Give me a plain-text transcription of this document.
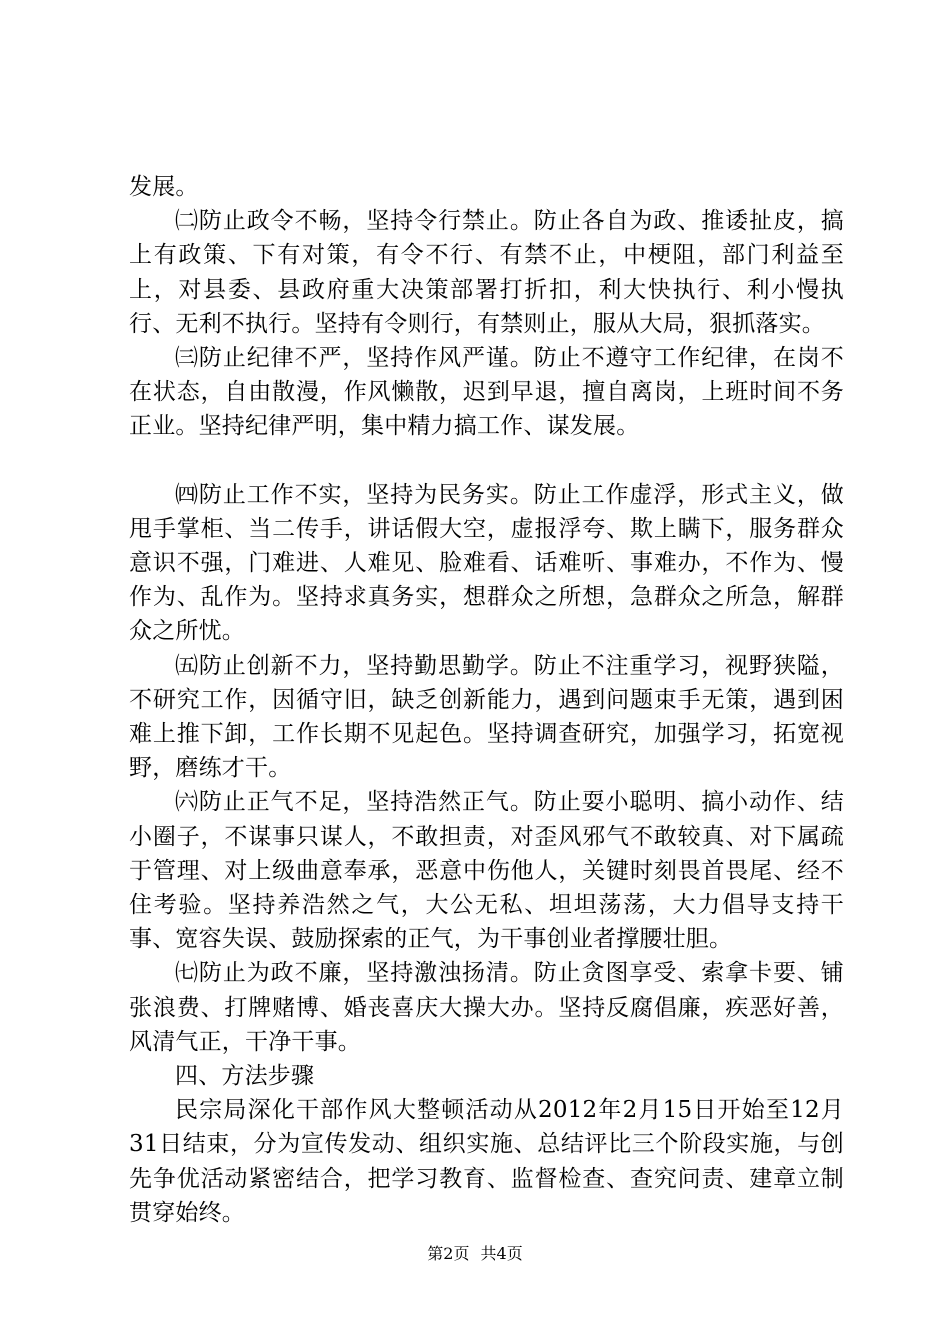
发展。

㈡防止政令不畅，坚持令行禁止。防止各自为政、推诿扯皮，搞上有政策、下有对策，有令不行、有禁不止，中梗阻，部门利益至上，对县委、县政府重大决策部署打折扣，利大快执行、利小慢执行、无利不执行。坚持有令则行，有禁则止，服从大局，狠抓落实。

㈢防止纪律不严，坚持作风严谨。防止不遵守工作纪律，在岗不在状态，自由散漫，作风懒散，迟到早退，擅自离岗，上班时间不务正业。坚持纪律严明，集中精力搞工作、谋发展。

㈣防止工作不实，坚持为民务实。防止工作虚浮，形式主义，做甩手掌柜、当二传手，讲话假大空，虚报浮夸、欺上瞒下，服务群众意识不强，门难进、人难见、脸难看、话难听、事难办，不作为、慢作为、乱作为。坚持求真务实，想群众之所想，急群众之所急，解群众之所忧。

㈤防止创新不力，坚持勤思勤学。防止不注重学习，视野狭隘，不研究工作，因循守旧，缺乏创新能力，遇到问题束手无策，遇到困难上推下卸，工作长期不见起色。坚持调查研究，加强学习，拓宽视野，磨练才干。

㈥防止正气不足，坚持浩然正气。防止耍小聪明、搞小动作、结小圈子，不谋事只谋人，不敢担责，对歪风邪气不敢较真、对下属疏于管理、对上级曲意奉承，恶意中伤他人，关键时刻畏首畏尾、经不住考验。坚持养浩然之气，大公无私、坦坦荡荡，大力倡导支持干事、宽容失误、鼓励探索的正气，为干事创业者撑腰壮胆。

㈦防止为政不廉，坚持激浊扬清。防止贪图享受、索拿卡要、铺张浪费、打牌赌博、婚丧喜庆大操大办。坚持反腐倡廉，疾恶好善，风清气正，干净干事。

四、方法步骤

民宗局深化干部作风大整顿活动从2012年2月15日开始至12月31日结束，分为宣传发动、组织实施、总结评比三个阶段实施，与创先争优活动紧密结合，把学习教育、监督检查、查究问责、建章立制贯穿始终。

第2页 共4页
